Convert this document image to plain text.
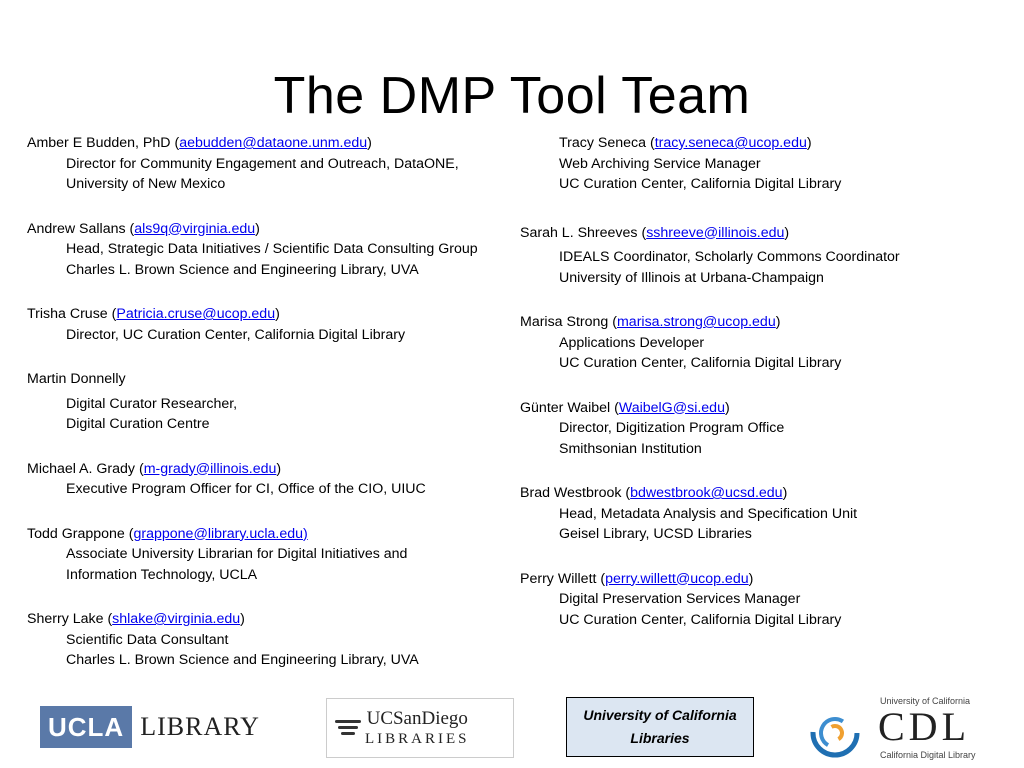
The DMP Tool Team
Amber E Budden, PhD (aebudden@dataone.unm.edu)
Director for Community Engagement and Outreach, DataONE,
University of New Mexico
Andrew Sallans (als9q@virginia.edu)
Head, Strategic Data Initiatives / Scientific Data Consulting Group
Charles L. Brown Science and Engineering Library, UVA
Trisha Cruse (Patricia.cruse@ucop.edu)
Director, UC Curation Center, California Digital Library
Martin Donnelly
Digital Curator Researcher,
Digital Curation Centre
Michael A. Grady (m-grady@illinois.edu)
Executive Program Officer for CI, Office of the CIO, UIUC
Todd Grappone (grappone@library.ucla.edu)
Associate University Librarian for Digital Initiatives and
Information Technology, UCLA
Sherry Lake (shlake@virginia.edu)
Scientific Data Consultant
Charles L. Brown Science and Engineering Library, UVA
Tracy Seneca (tracy.seneca@ucop.edu)
Web Archiving Service Manager
UC Curation Center, California Digital Library
Sarah L. Shreeves (sshreeve@illinois.edu)
IDEALS Coordinator, Scholarly Commons Coordinator
University of Illinois at Urbana-Champaign
Marisa Strong (marisa.strong@ucop.edu)
Applications Developer
UC Curation Center, California Digital Library
Günter Waibel (WaibelG@si.edu)
Director, Digitization Program Office
Smithsonian Institution
Brad Westbrook (bdwestbrook@ucsd.edu)
Head, Metadata Analysis and Specification Unit
Geisel Library, UCSD Libraries
Perry Willett (perry.willett@ucop.edu)
Digital Preservation Services Manager
UC Curation Center, California Digital Library
UCLA LIBRARY	UCSanDiego
LIBRARIES
University of California
Libraries
University of California
CDL
California Digital Library
